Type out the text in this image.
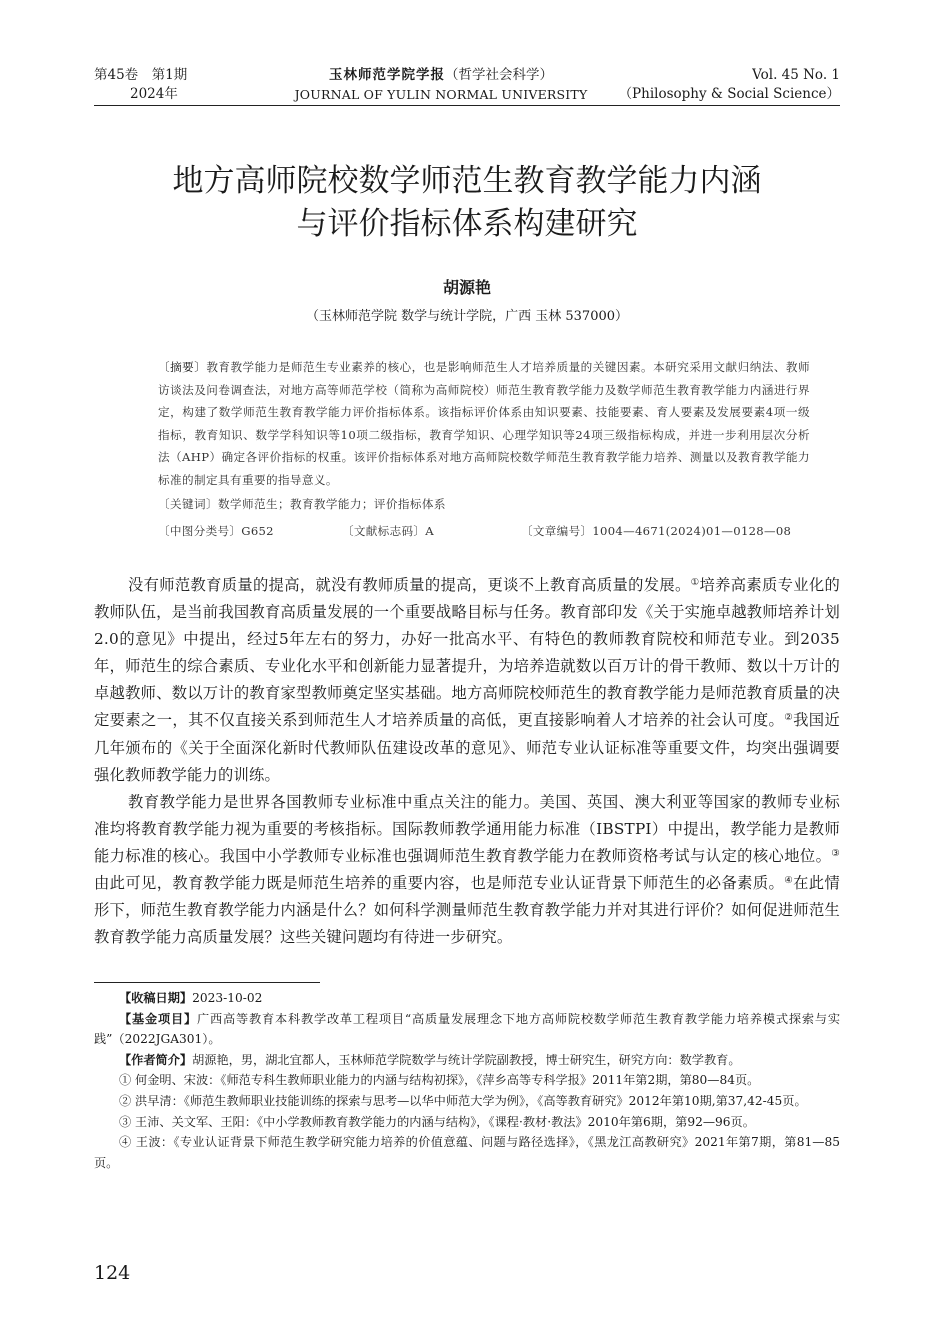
第45卷　第1期
2024年
玉林师范学院学报（哲学社会科学）
JOURNAL OF YULIN NORMAL UNIVERSITY
Vol. 45 No. 1
（Philosophy & Social Science）
地方高师院校数学师范生教育教学能力内涵
与评价指标体系构建研究
胡源艳
（玉林师范学院 数学与统计学院，广西 玉林 537000）
〔摘要〕教育教学能力是师范生专业素养的核心，也是影响师范生人才培养质量的关键因素。本研究采用文献归纳法、教师访谈法及问卷调查法，对地方高等师范学校（简称为高师院校）师范生教育教学能力及数学师范生教育教学能力内涵进行界定，构建了数学师范生教育教学能力评价指标体系。该指标评价体系由知识要素、技能要素、育人要素及发展要素4项一级指标，教育知识、数学学科知识等10项二级指标，教育学知识、心理学知识等24项三级指标构成，并进一步利用层次分析法（AHP）确定各评价指标的权重。该评价指标体系对地方高师院校数学师范生教育教学能力培养、测量以及教育教学能力标准的制定具有重要的指导意义。
〔关键词〕数学师范生；教育教学能力；评价指标体系
〔中图分类号〕G652	〔文献标志码〕A	〔文章编号〕1004—4671(2024)01—0128—08

没有师范教育质量的提高，就没有教师质量的提高，更谈不上教育高质量的发展。①培养高素质专业化的教师队伍，是当前我国教育高质量发展的一个重要战略目标与任务。教育部印发《关于实施卓越教师培养计划2.0的意见》中提出，经过5年左右的努力，办好一批高水平、有特色的教师教育院校和师范专业。到2035年，师范生的综合素质、专业化水平和创新能力显著提升，为培养造就数以百万计的骨干教师、数以十万计的卓越教师、数以万计的教育家型教师奠定坚实基础。地方高师院校师范生的教育教学能力是师范教育质量的决定要素之一，其不仅直接关系到师范生人才培养质量的高低，更直接影响着人才培养的社会认可度。②我国近几年颁布的《关于全面深化新时代教师队伍建设改革的意见》、师范专业认证标准等重要文件，均突出强调要强化教师教学能力的训练。

教育教学能力是世界各国教师专业标准中重点关注的能力。美国、英国、澳大利亚等国家的教师专业标准均将教育教学能力视为重要的考核指标。国际教师教学通用能力标准（IBSTPI）中提出，教学能力是教师能力标准的核心。我国中小学教师专业标准也强调师范生教育教学能力在教师资格考试与认定的核心地位。③由此可见，教育教学能力既是师范生培养的重要内容，也是师范专业认证背景下师范生的必备素质。④在此情形下，师范生教育教学能力内涵是什么？如何科学测量师范生教育教学能力并对其进行评价？如何促进师范生教育教学能力高质量发展？这些关键问题均有待进一步研究。

【收稿日期】2023-10-02

【基金项目】广西高等教育本科教学改革工程项目“高质量发展理念下地方高师院校数学师范生教育教学能力培养模式探索与实践”（2022JGA301）。

【作者简介】胡源艳，男，湖北宜都人，玉林师范学院数学与统计学院副教授，博士研究生，研究方向：数学教育。

① 何金明、宋波：《师范专科生教师职业能力的内涵与结构初探》，《萍乡高等专科学报》2011年第2期，第80—84页。

② 洪早清：《师范生教师职业技能训练的探索与思考—以华中师范大学为例》，《高等教育研究》2012年第10期,第37,42-45页。

③ 王沛、关文军、王阳：《中小学教师教育教学能力的内涵与结构》，《课程·教材·教法》2010年第6期，第92—96页。

④ 王波：《专业认证背景下师范生教学研究能力培养的价值意蕴、问题与路径选择》，《黑龙江高教研究》2021年第7期，第81—85页。

124
